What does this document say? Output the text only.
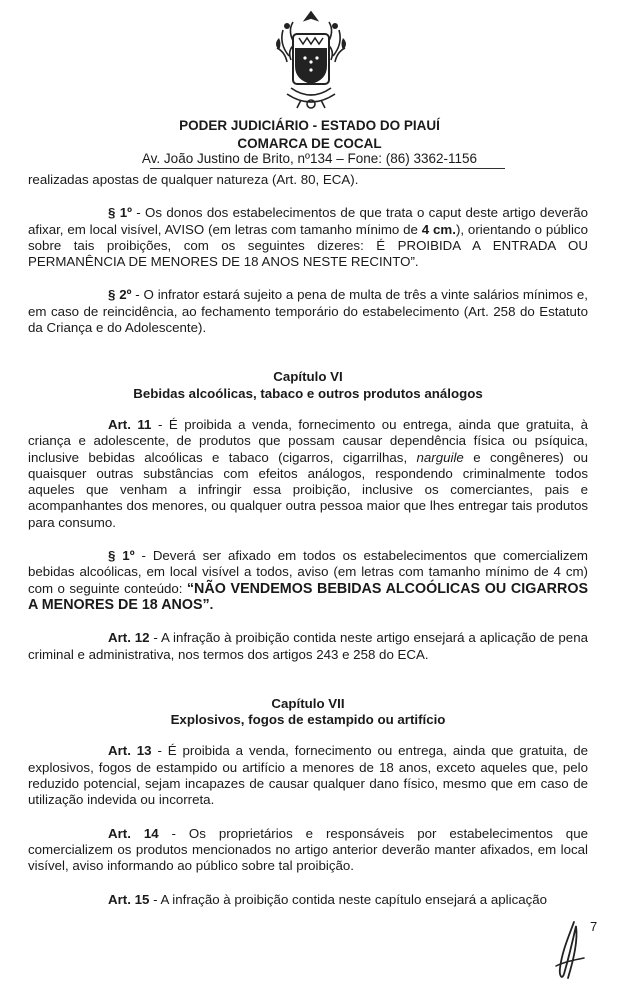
PODER JUDICIÁRIO - ESTADO DO PIAUÍ
COMARCA DE COCAL
Av. João Justino de Brito, nº134 – Fone: (86) 3362-1156

realizadas apostas de qualquer natureza (Art. 80, ECA).

§ 1º - Os donos dos estabelecimentos de que trata o caput deste artigo deverão afixar, em local visível, AVISO (em letras com tamanho mínimo de 4 cm.), orientando o público sobre tais proibições, com os seguintes dizeres: É PROIBIDA A ENTRADA OU PERMANÊNCIA DE MENORES DE 18 ANOS NESTE RECINTO”.

§ 2º - O infrator estará sujeito a pena de multa de três a vinte salários mínimos e, em caso de reincidência, ao fechamento temporário do estabelecimento (Art. 258 do Estatuto da Criança e do Adolescente).

Capítulo VI

Bebidas alcoólicas, tabaco e outros produtos análogos

Art. 11 - É proibida a venda, fornecimento ou entrega, ainda que gratuita, à criança e adolescente, de produtos que possam causar dependência física ou psíquica, inclusive bebidas alcoólicas e tabaco (cigarros, cigarrilhas, narguile e congêneres) ou quaisquer outras substâncias com efeitos análogos, respondendo criminalmente todos aqueles que venham a infringir essa proibição, inclusive os comerciantes, pais e acompanhantes dos menores, ou qualquer outra pessoa maior que lhes entregar tais produtos para consumo.

§ 1º - Deverá ser afixado em todos os estabelecimentos que comercializem bebidas alcoólicas, em local visível a todos, aviso (em letras com tamanho mínimo de 4 cm) com o seguinte conteúdo: “NÃO VENDEMOS BEBIDAS ALCOÓLICAS OU CIGARROS A MENORES DE 18 ANOS”.

Art. 12 - A infração à proibição contida neste artigo ensejará a aplicação de pena criminal e administrativa, nos termos dos artigos 243 e 258 do ECA.

Capítulo VII

Explosivos, fogos de estampido ou artifício

Art. 13 - É proibida a venda, fornecimento ou entrega, ainda que gratuita, de explosivos, fogos de estampido ou artifício a menores de 18 anos, exceto aqueles que, pelo reduzido potencial, sejam incapazes de causar qualquer dano físico, mesmo que em caso de utilização indevida ou incorreta.

Art. 14 - Os proprietários e responsáveis por estabelecimentos que comercializem os produtos mencionados no artigo anterior deverão manter afixados, em local visível, aviso informando ao público sobre tal proibição.

Art. 15 - A infração à proibição contida neste capítulo ensejará a aplicação

7
